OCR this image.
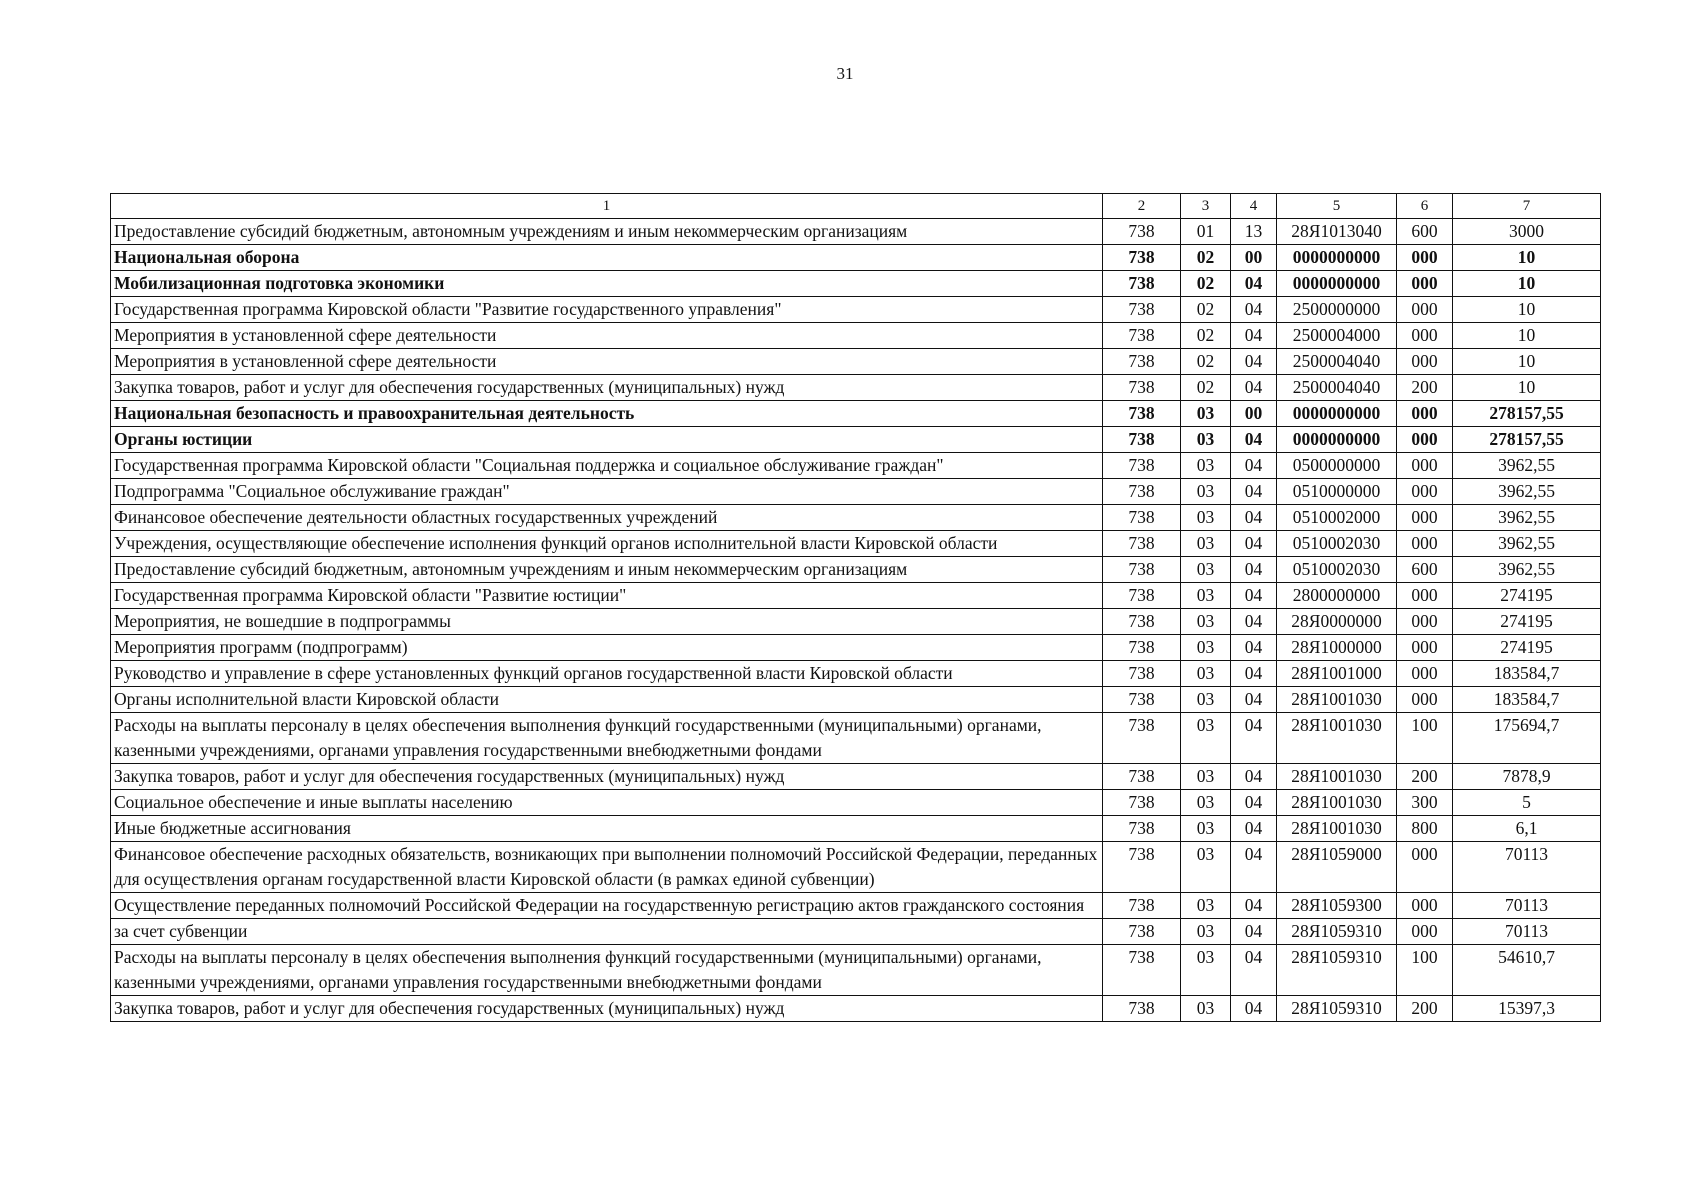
31
1	2	3	4	5	6	7
Предоставление субсидий бюджетным, автономным учреждениям и иным некоммерческим организациям	738	01	13	28Я1013040	600	3000
Национальная оборона	738	02	00	0000000000	000	10
Мобилизационная подготовка экономики	738	02	04	0000000000	000	10
Государственная программа Кировской области "Развитие государственного управления"	738	02	04	2500000000	000	10
Мероприятия в установленной сфере деятельности	738	02	04	2500004000	000	10
Мероприятия в установленной сфере деятельности	738	02	04	2500004040	000	10
Закупка товаров, работ и услуг для обеспечения государственных (муниципальных) нужд	738	02	04	2500004040	200	10
Национальная безопасность и правоохранительная деятельность	738	03	00	0000000000	000	278157,55
Органы юстиции	738	03	04	0000000000	000	278157,55
Государственная программа Кировской области "Социальная поддержка и социальное обслуживание граждан"	738	03	04	0500000000	000	3962,55
Подпрограмма "Социальное обслуживание граждан"	738	03	04	0510000000	000	3962,55
Финансовое обеспечение деятельности областных государственных учреждений	738	03	04	0510002000	000	3962,55
Учреждения, осуществляющие обеспечение исполнения функций органов исполнительной власти Кировской области	738	03	04	0510002030	000	3962,55
Предоставление субсидий бюджетным, автономным учреждениям и иным некоммерческим организациям	738	03	04	0510002030	600	3962,55
Государственная программа Кировской области "Развитие юстиции"	738	03	04	2800000000	000	274195
Мероприятия, не вошедшие в подпрограммы	738	03	04	28Я0000000	000	274195
Мероприятия программ (подпрограмм)	738	03	04	28Я1000000	000	274195
Руководство и управление в сфере установленных функций органов государственной власти Кировской области	738	03	04	28Я1001000	000	183584,7
Органы исполнительной власти Кировской области	738	03	04	28Я1001030	000	183584,7
Расходы на выплаты персоналу в целях обеспечения выполнения функций государственными (муниципальными) органами, казенными учреждениями, органами управления государственными внебюджетными фондами	738	03	04	28Я1001030	100	175694,7
Закупка товаров, работ и услуг для обеспечения государственных (муниципальных) нужд	738	03	04	28Я1001030	200	7878,9
Социальное обеспечение и иные выплаты населению	738	03	04	28Я1001030	300	5
Иные бюджетные ассигнования	738	03	04	28Я1001030	800	6,1
Финансовое обеспечение расходных обязательств, возникающих при выполнении полномочий Российской Федерации, переданных для осуществления органам государственной власти Кировской области (в рамках единой субвенции)	738	03	04	28Я1059000	000	70113
Осуществление переданных полномочий Российской Федерации на государственную регистрацию актов гражданского состояния	738	03	04	28Я1059300	000	70113
за счет субвенции	738	03	04	28Я1059310	000	70113
Расходы на выплаты персоналу в целях обеспечения выполнения функций государственными (муниципальными) органами, казенными учреждениями, органами управления государственными внебюджетными фондами	738	03	04	28Я1059310	100	54610,7
Закупка товаров, работ и услуг для обеспечения государственных (муниципальных) нужд	738	03	04	28Я1059310	200	15397,3
